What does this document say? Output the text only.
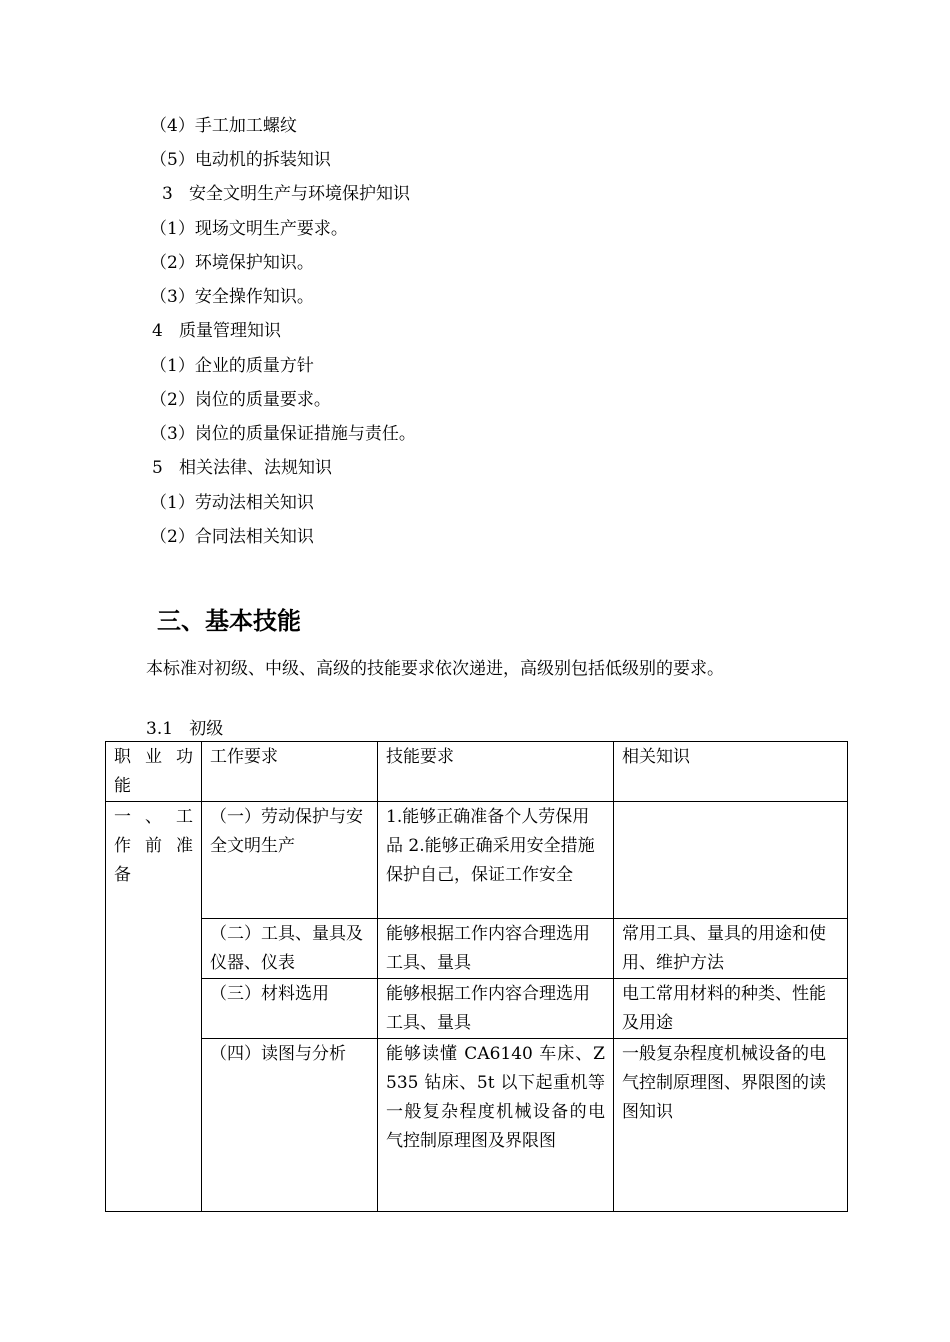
（4）手工加工螺纹
（5）电动机的拆装知识
3   安全文明生产与环境保护知识
（1）现场文明生产要求。
（2）环境保护知识。
（3）安全操作知识。
4   质量管理知识
（1）企业的质量方针
（2）岗位的质量要求。
（3）岗位的质量保证措施与责任。
5   相关法律、法规知识
（1）劳动法相关知识
（2）合同法相关知识
三、基本技能
本标准对初级、中级、高级的技能要求依次递进，高级别包括低级别的要求。
3.1   初级
职 业 功 能	工作要求	技能要求	相关知识
一 、 工 作 前 准 备	（一）劳动保护与安全文明生产	1.能够正确准备个人劳保用品 2.能够正确采用安全措施保护自己，保证工作安全	
	（二）工具、量具及仪器、仪表	能够根据工作内容合理选用工具、量具	常用工具、量具的用途和使用、维护方法
	（三）材料选用	能够根据工作内容合理选用工具、量具	电工常用材料的种类、性能及用途
	（四）读图与分析	能够读懂 CA6140 车床、Z535 钻床、5t 以下起重机等一般复杂程度机械设备的电气控制原理图及界限图	一般复杂程度机械设备的电气控制原理图、界限图的读图知识
